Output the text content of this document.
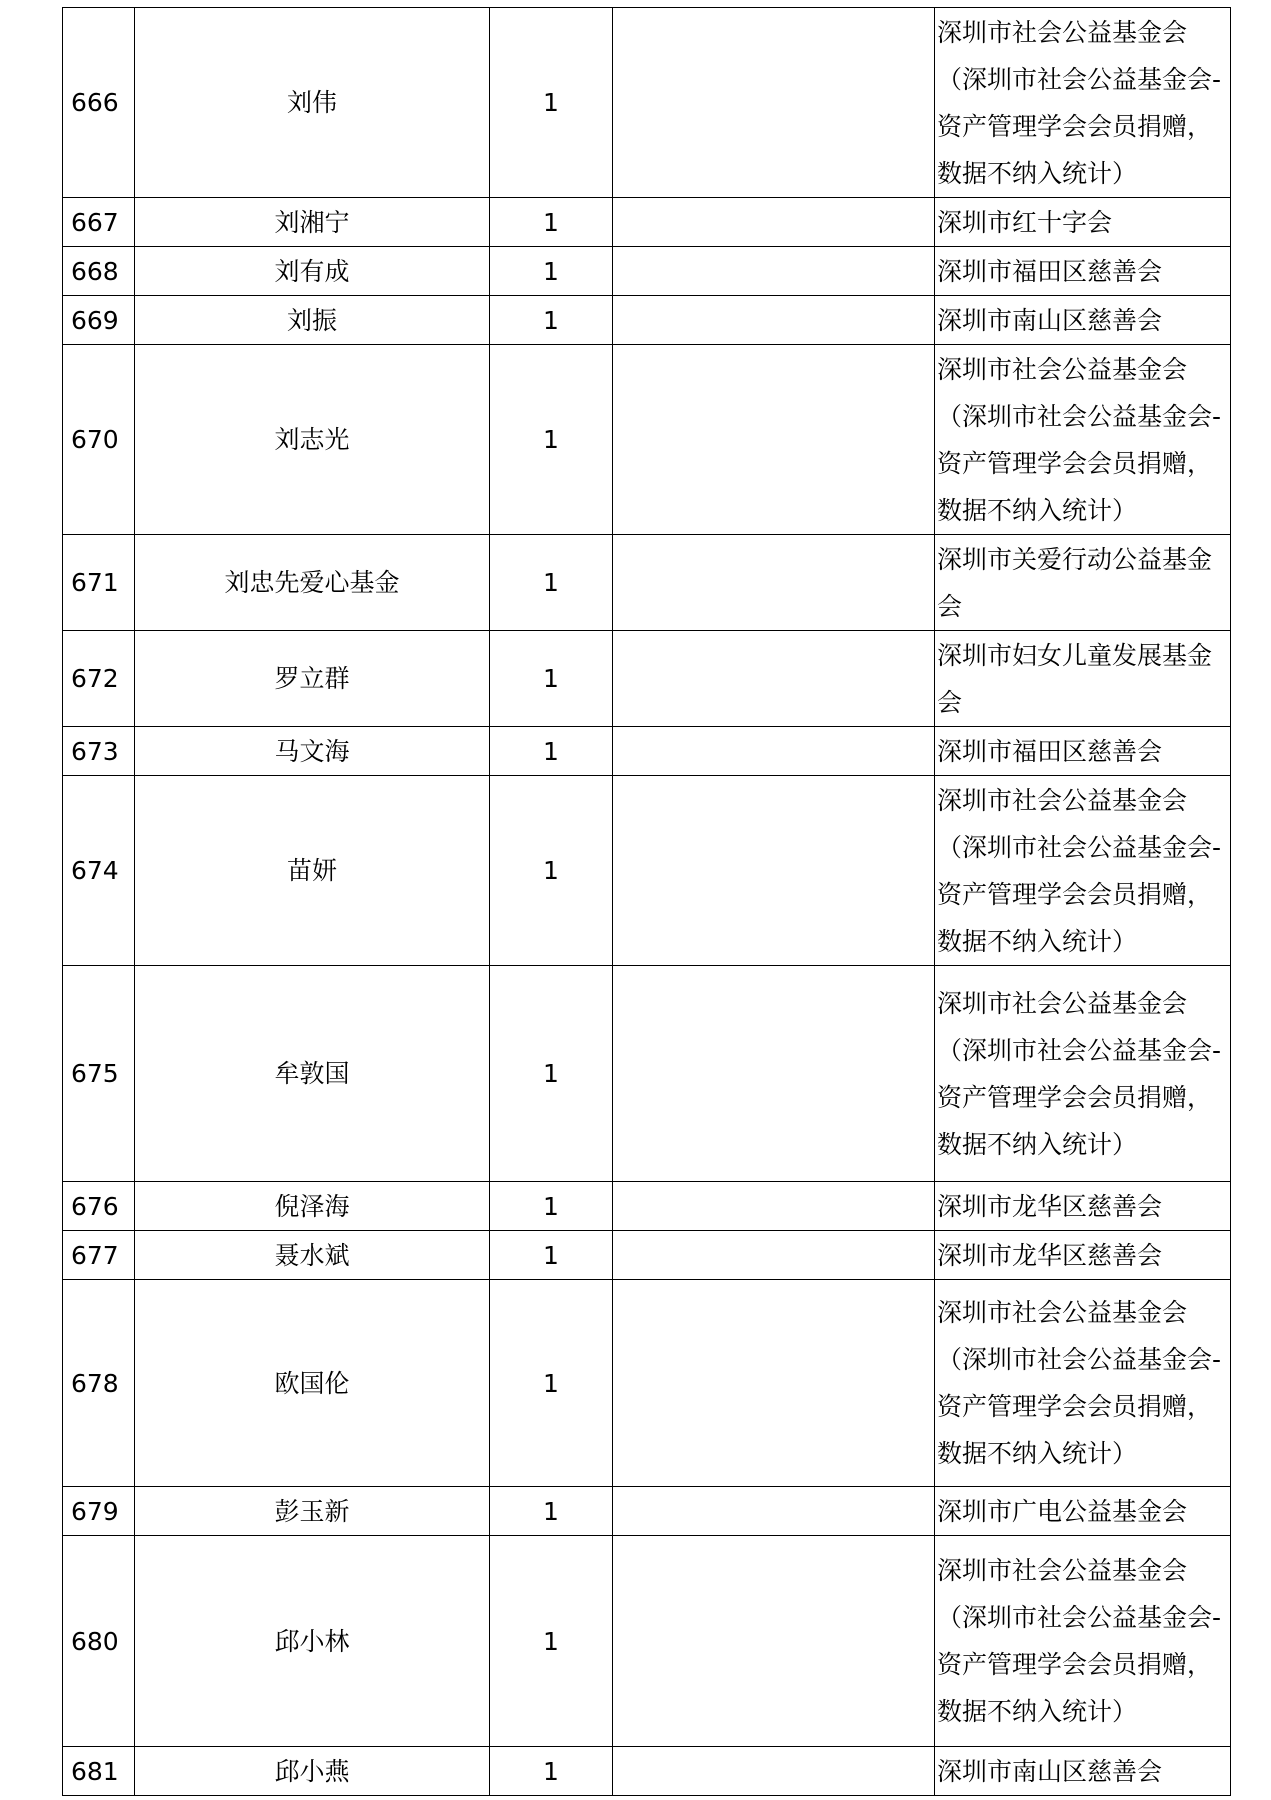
666	刘伟	1		深圳市社会公益基金会（深圳市社会公益基金会-资产管理学会会员捐赠，数据不纳入统计）
667	刘湘宁	1		深圳市红十字会
668	刘有成	1		深圳市福田区慈善会
669	刘振	1		深圳市南山区慈善会
670	刘志光	1		深圳市社会公益基金会（深圳市社会公益基金会-资产管理学会会员捐赠，数据不纳入统计）
671	刘忠先爱心基金	1		深圳市关爱行动公益基金会
672	罗立群	1		深圳市妇女儿童发展基金会
673	马文海	1		深圳市福田区慈善会
674	苗妍	1		深圳市社会公益基金会（深圳市社会公益基金会-资产管理学会会员捐赠，数据不纳入统计）
675	牟敦国	1		深圳市社会公益基金会（深圳市社会公益基金会-资产管理学会会员捐赠，数据不纳入统计）
676	倪泽海	1		深圳市龙华区慈善会
677	聂水斌	1		深圳市龙华区慈善会
678	欧国伦	1		深圳市社会公益基金会（深圳市社会公益基金会-资产管理学会会员捐赠，数据不纳入统计）
679	彭玉新	1		深圳市广电公益基金会
680	邱小林	1		深圳市社会公益基金会（深圳市社会公益基金会-资产管理学会会员捐赠，数据不纳入统计）
681	邱小燕	1		深圳市南山区慈善会
